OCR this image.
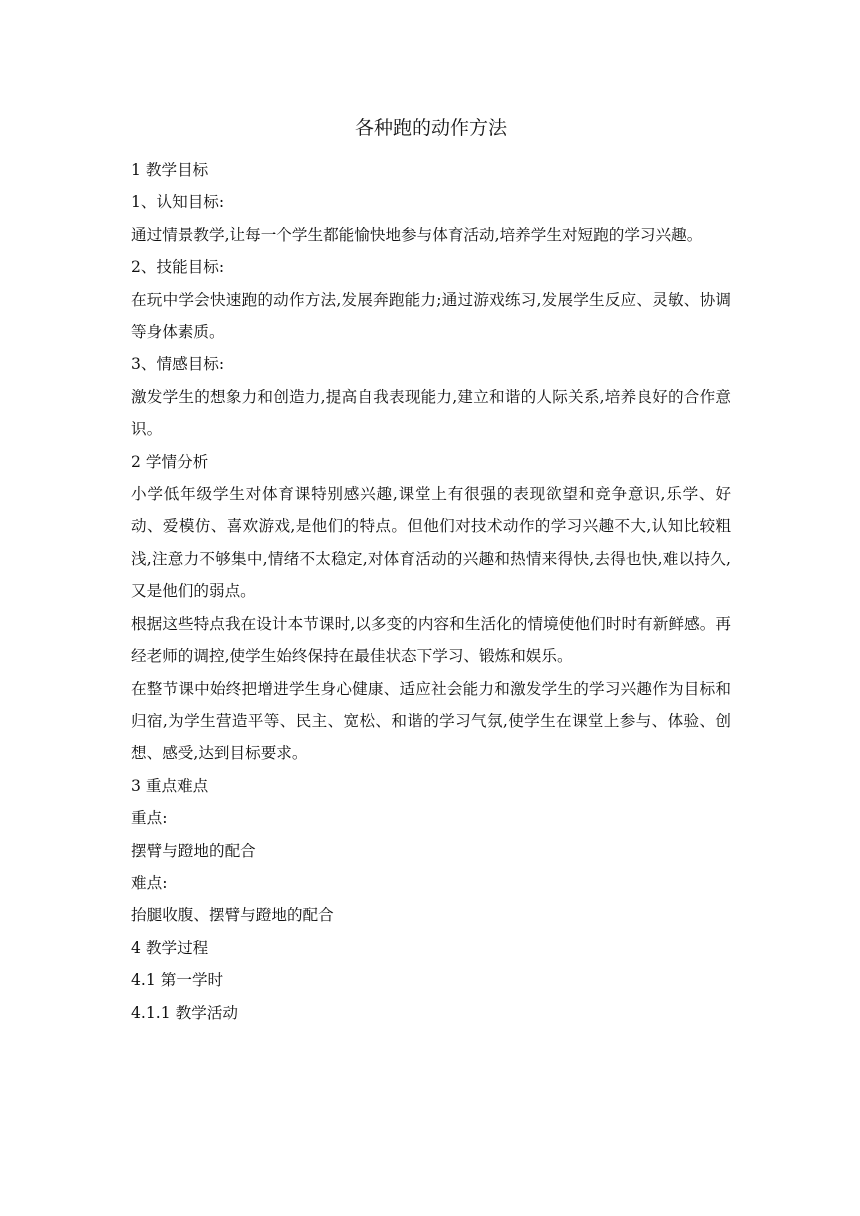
各种跑的动作方法

1 教学目标

1、认知目标:

通过情景教学,让每一个学生都能愉快地参与体育活动,培养学生对短跑的学习兴趣。

2、技能目标:

在玩中学会快速跑的动作方法,发展奔跑能力;通过游戏练习,发展学生反应、灵敏、协调等身体素质。

3、情感目标:

激发学生的想象力和创造力,提高自我表现能力,建立和谐的人际关系,培养良好的合作意识。

2 学情分析

小学低年级学生对体育课特别感兴趣,课堂上有很强的表现欲望和竞争意识,乐学、好动、爱模仿、喜欢游戏,是他们的特点。但他们对技术动作的学习兴趣不大,认知比较粗浅,注意力不够集中,情绪不太稳定,对体育活动的兴趣和热情来得快,去得也快,难以持久,又是他们的弱点。

根据这些特点我在设计本节课时,以多变的内容和生活化的情境使他们时时有新鲜感。再经老师的调控,使学生始终保持在最佳状态下学习、锻炼和娱乐。

在整节课中始终把增进学生身心健康、适应社会能力和激发学生的学习兴趣作为目标和归宿,为学生营造平等、民主、宽松、和谐的学习气氛,使学生在课堂上参与、体验、创想、感受,达到目标要求。

3 重点难点

重点:

摆臂与蹬地的配合

难点:

抬腿收腹、摆臂与蹬地的配合

4 教学过程

4.1 第一学时

4.1.1 教学活动
